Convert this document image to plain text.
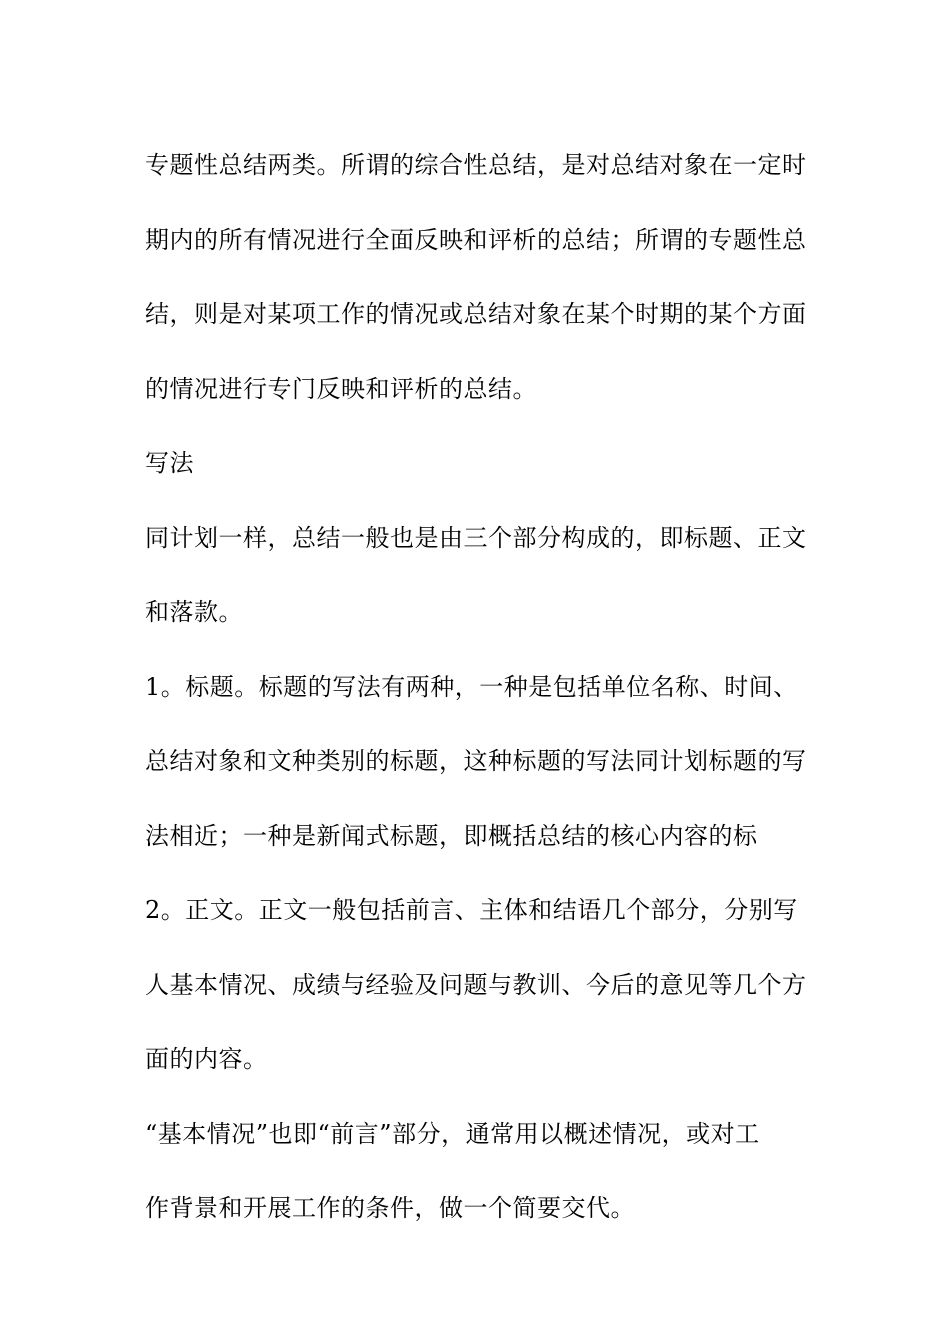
专题性总结两类。所谓的综合性总结，是对总结对象在一定时
期内的所有情况进行全面反映和评析的总结；所谓的专题性总
结，则是对某项工作的情况或总结对象在某个时期的某个方面
的情况进行专门反映和评析的总结。
写法
同计划一样，总结一般也是由三个部分构成的，即标题、正文
和落款。
1。标题。标题的写法有两种，一种是包括单位名称、时间、
总结对象和文种类别的标题，这种标题的写法同计划标题的写
法相近；一种是新闻式标题，即概括总结的核心内容的标
2。正文。正文一般包括前言、主体和结语几个部分，分别写
人基本情况、成绩与经验及问题与教训、今后的意见等几个方
面的内容。
“基本情况”也即“前言”部分，通常用以概述情况，或对工
作背景和开展工作的条件，做一个简要交代。
